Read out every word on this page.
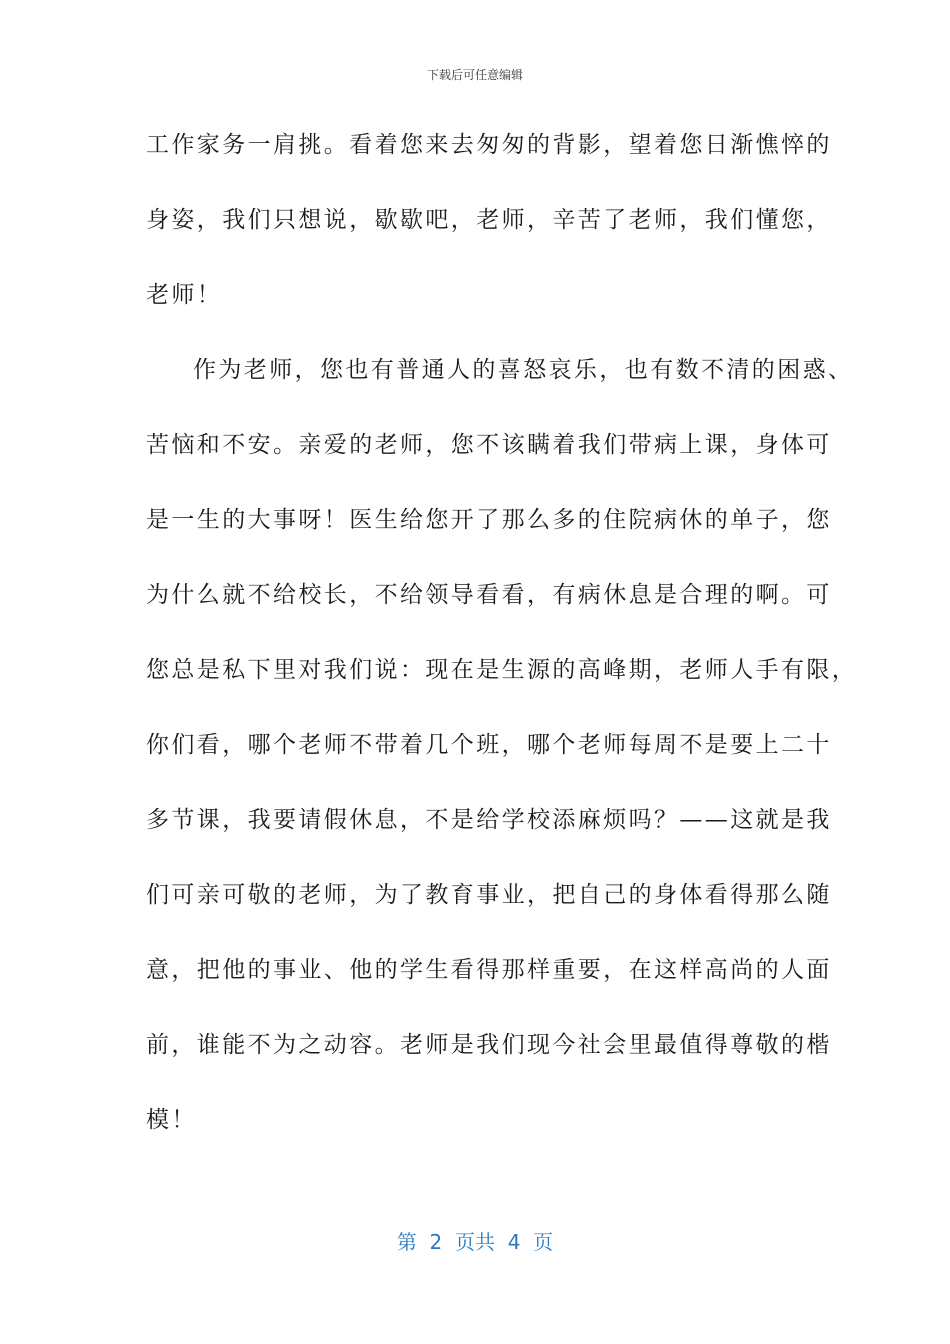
下载后可任意编辑
工作家务一肩挑。看着您来去匆匆的背影，望着您日渐憔悴的
身姿，我们只想说，歇歇吧，老师，辛苦了老师，我们懂您，
老师！
作为老师，您也有普通人的喜怒哀乐，也有数不清的困惑、
苦恼和不安。亲爱的老师，您不该瞒着我们带病上课，身体可
是一生的大事呀！医生给您开了那么多的住院病休的单子，您
为什么就不给校长，不给领导看看，有病休息是合理的啊。可
您总是私下里对我们说：现在是生源的高峰期，老师人手有限，
你们看，哪个老师不带着几个班，哪个老师每周不是要上二十
多节课，我要请假休息，不是给学校添麻烦吗？——这就是我
们可亲可敬的老师，为了教育事业，把自己的身体看得那么随
意，把他的事业、他的学生看得那样重要，在这样高尚的人面
前，谁能不为之动容。老师是我们现今社会里最值得尊敬的楷
模！
第  2  页共  4  页
